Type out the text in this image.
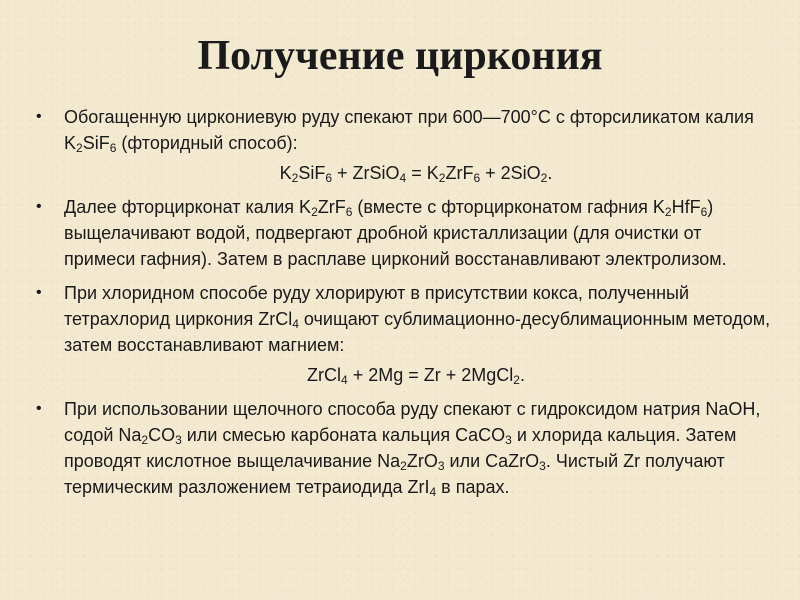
Получение циркония
• Обогащенную циркониевую руду спекают при 600—700°C с фторсиликатом калия $K_2SiF_6$ (фторидный способ):
$K_2SiF_6$ + ZrSiO$_4$ = $K_2ZrF_6 + 2SiO_2$.
• Далее фторцирконат калия $K_2ZrF_6$ (вместе с фторцирконатом гафния $K_2HfF_6$) выщелачивают водой, подвергают дробной кристаллизации (для очистки от примеси гафния). Затем в расплаве цирконий восстанавливают электролизом.
• При хлоридном способе руду хлорируют в присутствии кокса, полученный тетрахлорид циркония ZrCl$_4$ очищают сублимационно-десублимационным методом, затем восстанавливают магнием:
ZrCl$_4$ + 2Mg = Zr + 2MgCl$_2$.
• При использовании щелочного способа руду спекают с гидроксидом натрия NaOH, содой $Na_2CO_3$ или смесью карбоната кальция CaCO$_3$ и хлорида кальция. Затем проводят кислотное выщелачивание $Na_2ZrO_3$ или CaZrO$_3$. Чистый Zr получают термическим разложением тетраиодида ZrI$_4$ в парах.
